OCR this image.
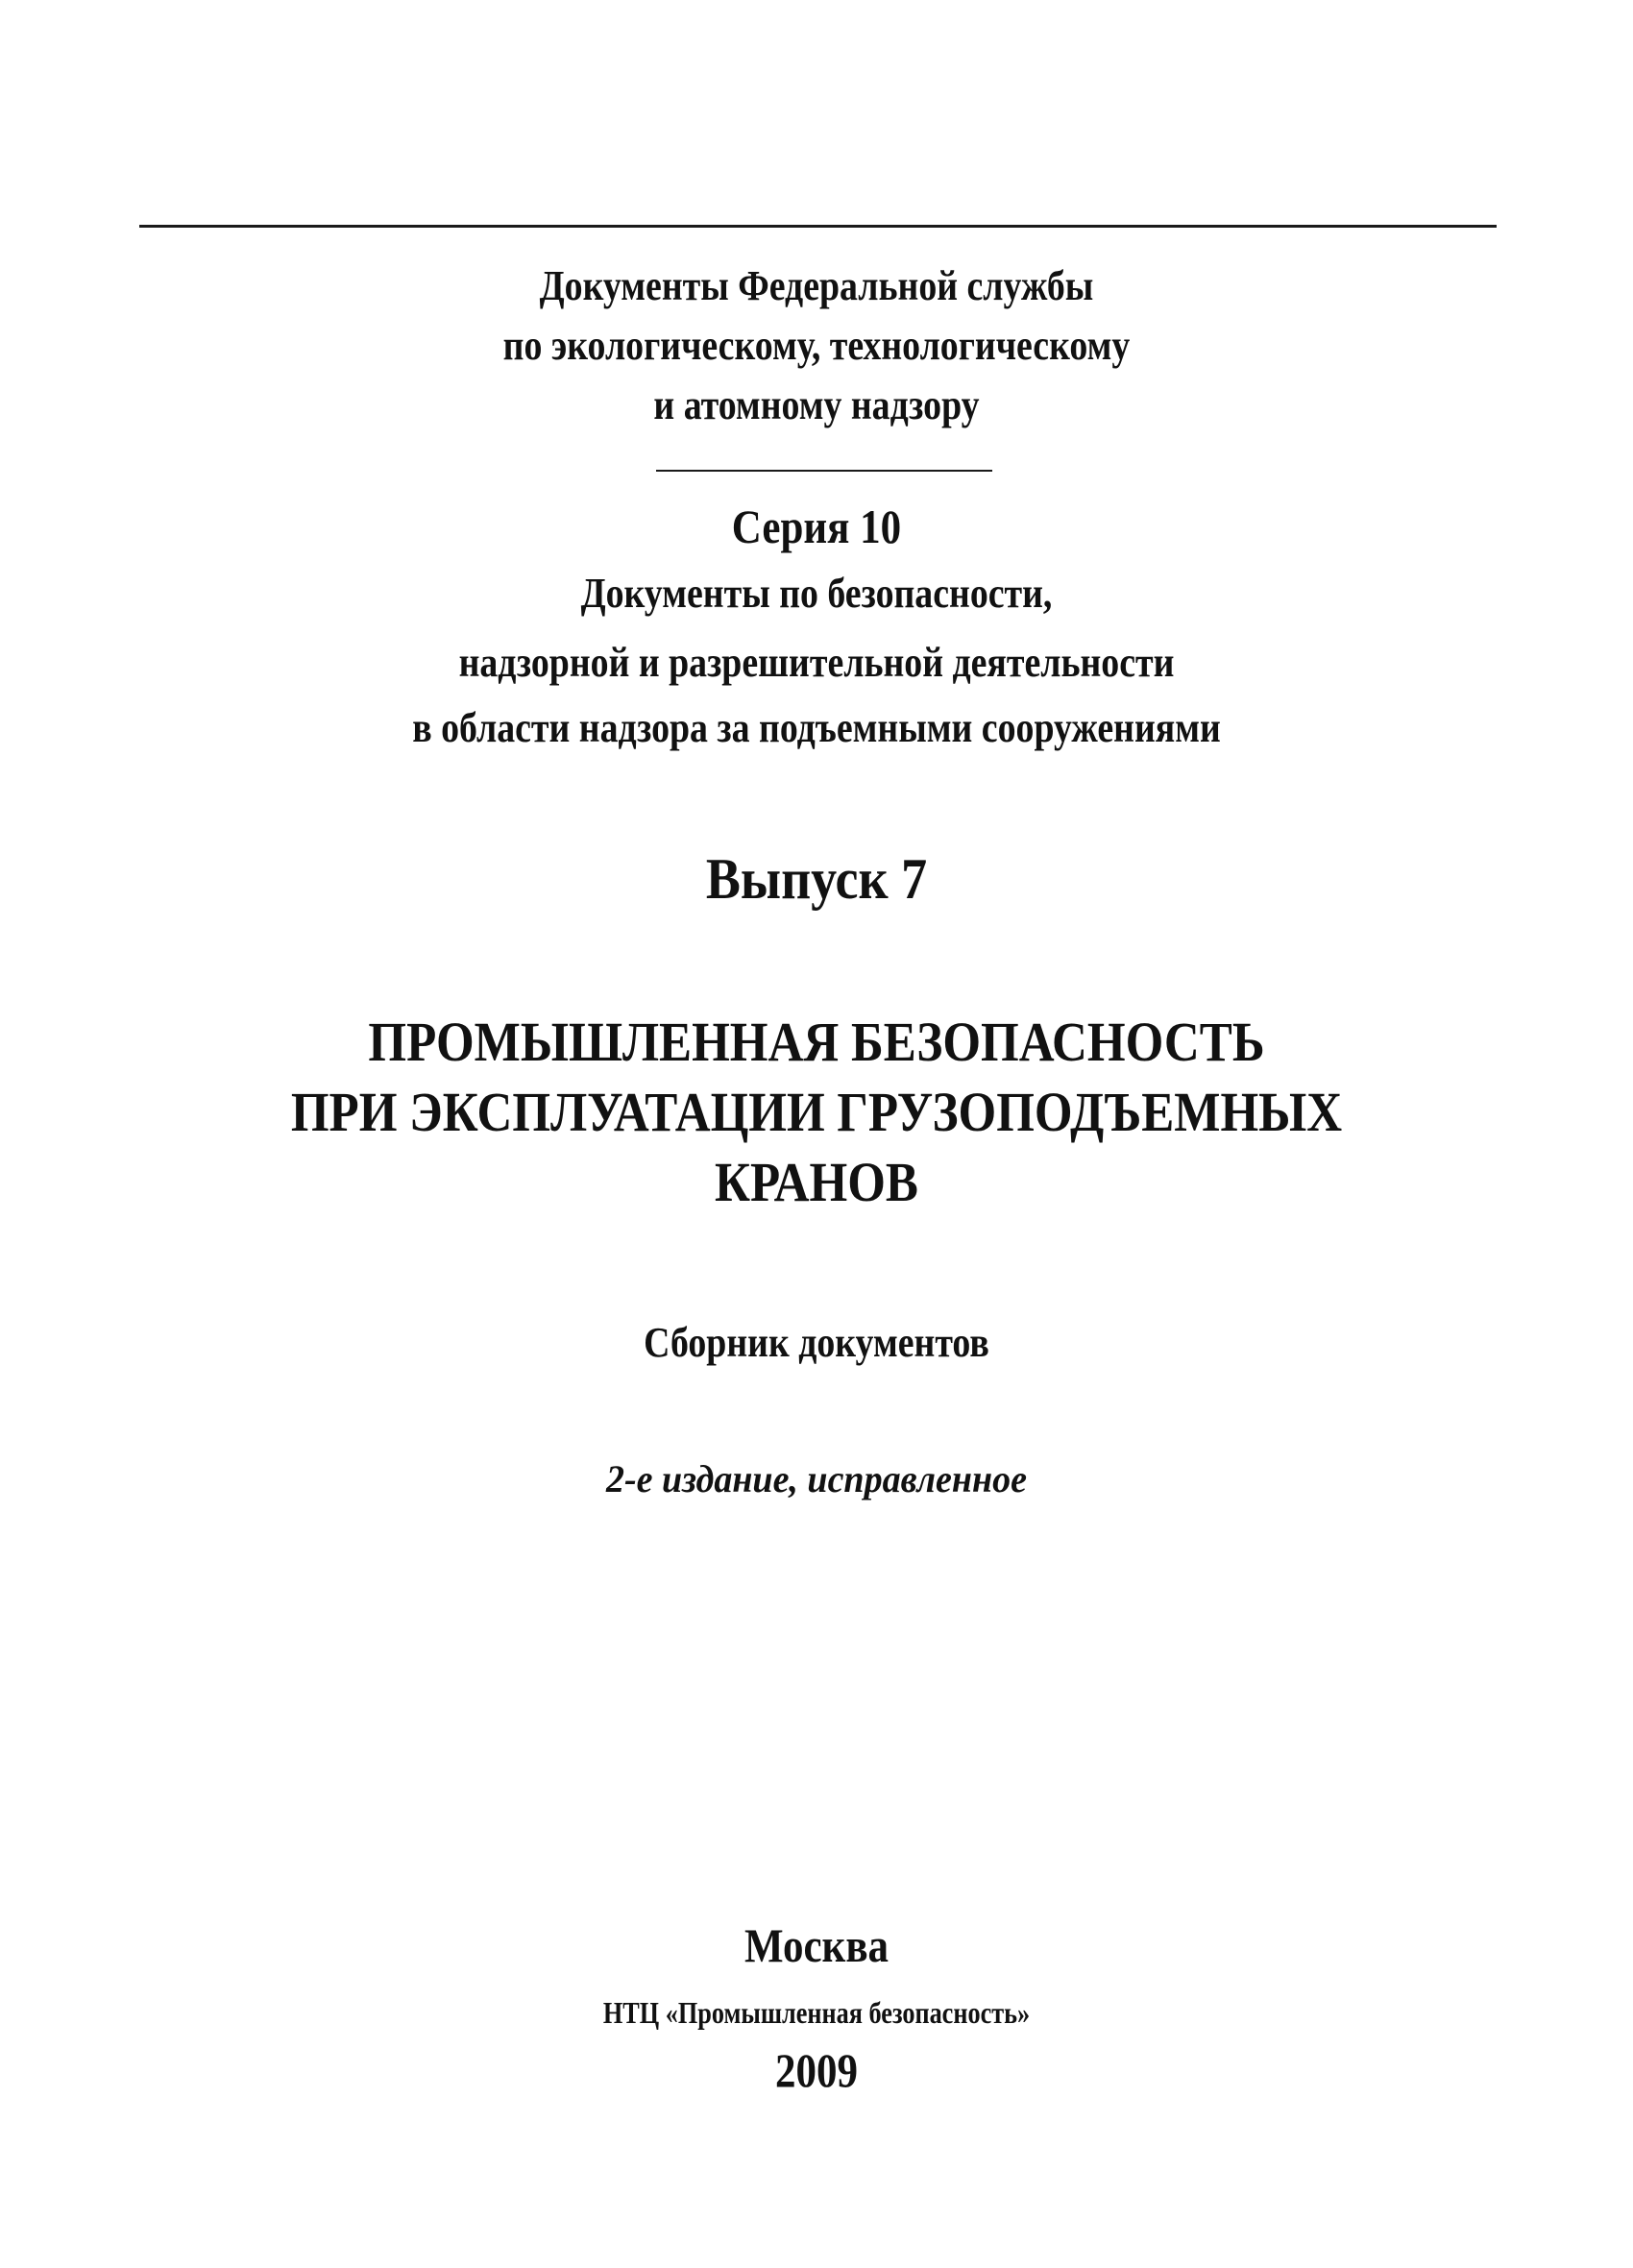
Документы Федеральной службы
по экологическому, технологическому
и атомному надзору
Серия 10
Документы по безопасности,
надзорной и разрешительной деятельности
в области надзора за подъемными сооружениями
Выпуск 7
ПРОМЫШЛЕННАЯ БЕЗОПАСНОСТЬ
ПРИ ЭКСПЛУАТАЦИИ ГРУЗОПОДЪЕМНЫХ
КРАНОВ
Сборник документов
2-е издание, исправленное
Москва
НТЦ «Промышленная безопасность»
2009
